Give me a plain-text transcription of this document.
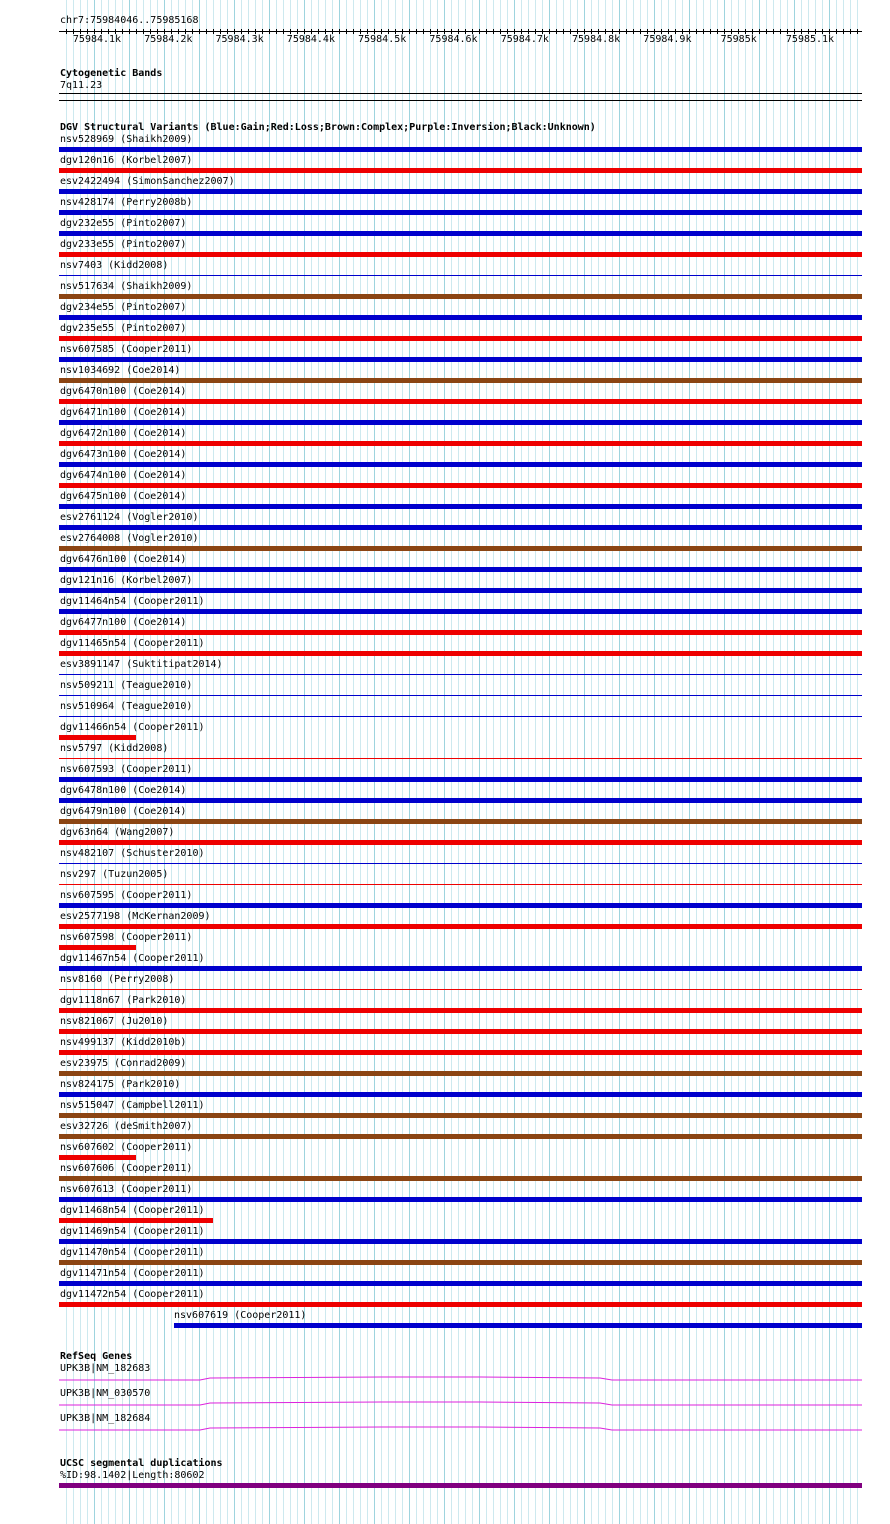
chr7:75984046..75985168
75984.1k 75984.2k 75984.3k 75984.4k 75984.5k 75984.6k 75984.7k 75984.8k 75984.9k	75985k	75985.1k
Cytogenetic Bands
7q11.23
DGV Structural Variants (Blue:Gain;Red:Loss;Brown:Complex;Purple:Inversion;Black:Unknown)
nsv528969 (Shaikh2009)
dgv120n16 (Korbel2007)
esv2422494 (SimonSanchez2007)
nsv428174 (Perry2008b)
dgv232e55 (Pinto2007)
dgv233e55 (Pinto2007)
nsv7403 (Kidd2008)
nsv517634 (Shaikh2009)
dgv234e55 (Pinto2007)
dgv235e55 (Pinto2007)
nsv607585 (Cooper2011)
nsv1034692 (Coe2014)
dgv6470n100 (Coe2014)
dgv6471n100 (Coe2014)
dgv6472n100 (Coe2014)
dgv6473n100 (Coe2014)
dgv6474n100 (Coe2014)
dgv6475n100 (Coe2014)
esv2761124 (Vogler2010)
esv2764008 (Vogler2010)
dgv6476n100 (Coe2014)
dgv121n16 (Korbel2007)
dgv11464n54 (Cooper2011)
dgv6477n100 (Coe2014)
dgv11465n54 (Cooper2011)
esv3891147 (Suktitipat2014)
nsv509211 (Teague2010)
nsv510964 (Teague2010)
dgv11466n54 (Cooper2011)
nsv5797 (Kidd2008)
nsv607593 (Cooper2011)
dgv6478n100 (Coe2014)
dgv6479n100 (Coe2014)
dgv63n64 (Wang2007)
nsv482107 (Schuster2010)
nsv297 (Tuzun2005)
nsv607595 (Cooper2011)
esv2577198 (McKernan2009)
nsv607598 (Cooper2011)
dgv11467n54 (Cooper2011)
nsv8160 (Perry2008)
dgv1118n67 (Park2010)
nsv821067 (Ju2010)
nsv499137 (Kidd2010b)
esv23975 (Conrad2009)
nsv824175 (Park2010)
nsv515047 (Campbell2011)
esv32726 (deSmith2007)
nsv607602 (Cooper2011)
nsv607606 (Cooper2011)
nsv607613 (Cooper2011)
dgv11468n54 (Cooper2011)
dgv11469n54 (Cooper2011)
dgv11470n54 (Cooper2011)
dgv11471n54 (Cooper2011)
dgv11472n54 (Cooper2011)
nsv607619 (Cooper2011)
RefSeq Genes
UPK3B|NM_182683
UPK3B|NM_030570
UPK3B|NM_182684
UCSC segmental duplications
%ID:98.1402|Length:80602
